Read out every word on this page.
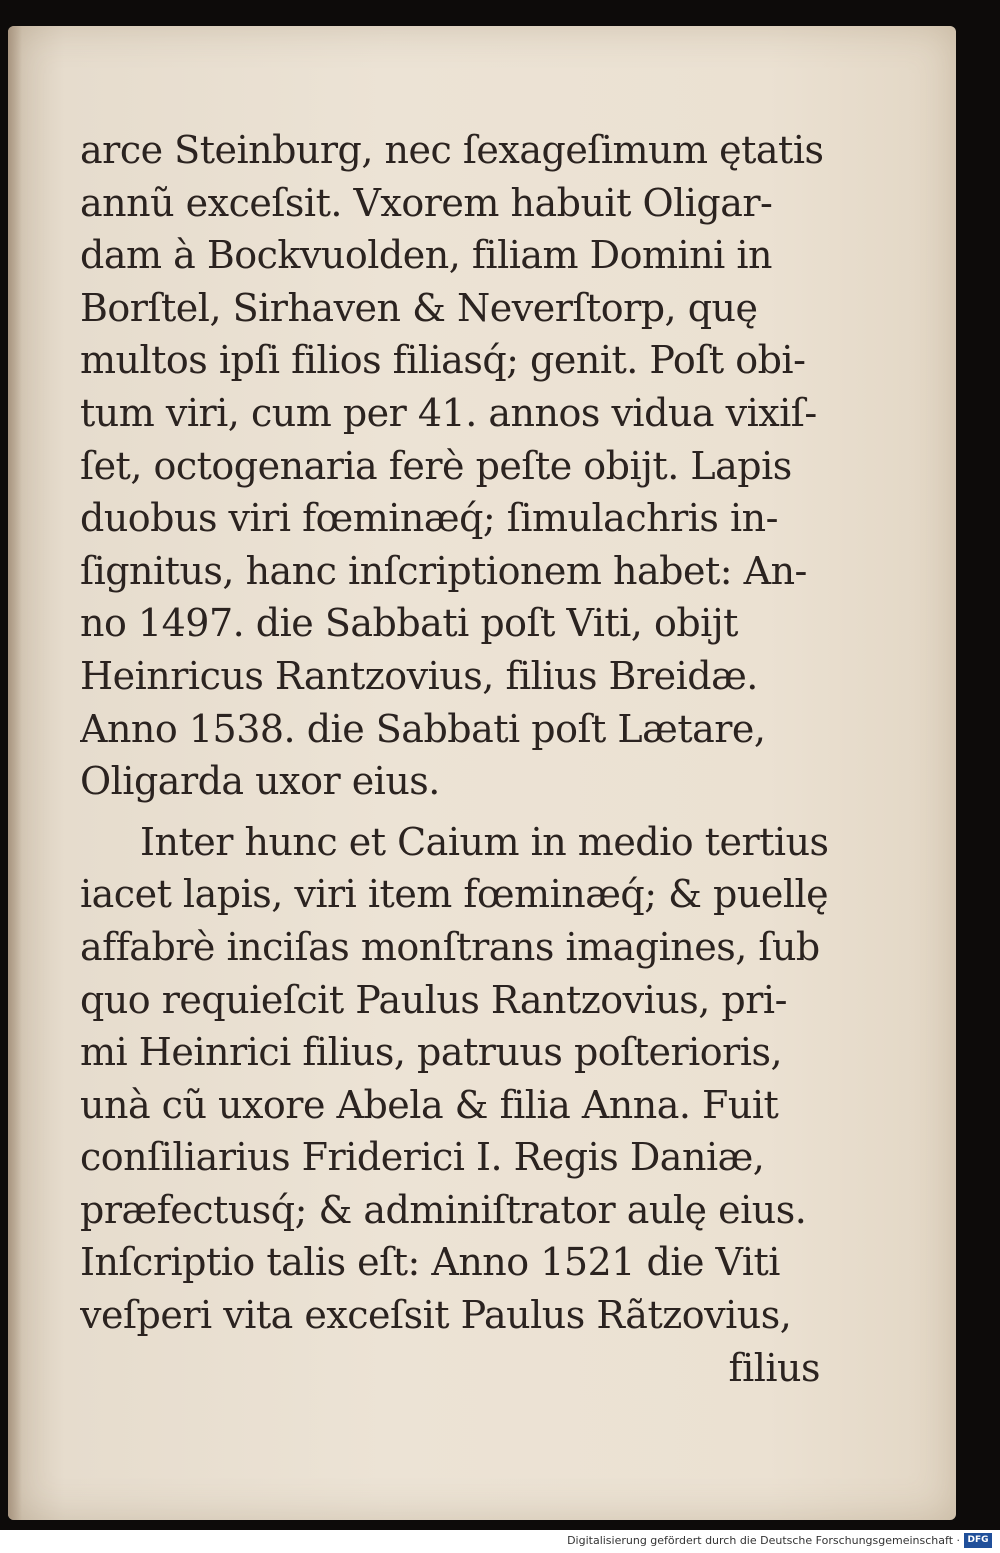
arce Steinburg, nec ſexageſimum ętatis
annũ exceſsit. Vxorem habuit Oligar-
dam à Bockvuolden, filiam Domini in
Borſtel, Sirhaven & Neverſtorp, quę
multos ipſi filios filiasq́; genit. Poſt obi-
tum viri, cum per 41. annos vidua vixiſ-
ſet, octogenaria ferè peſte obijt. Lapis
duobus viri fœminæq́; ſimulachris in-
ſignitus, hanc inſcriptionem habet: An-
no 1497. die Sabbati poſt Viti, obijt
Heinricus Rantzovius, filius Breidæ.
Anno 1538. die Sabbati poſt Lætare,
Oligarda uxor eius.
Inter hunc et Caium in medio tertius
iacet lapis, viri item fœminæq́; & puellę
affabrè inciſas monſtrans imagines, ſub
quo requieſcit Paulus Rantzovius, pri-
mi Heinrici filius, patruus poſterioris,
unà cũ uxore Abela & filia Anna. Fuit
conſiliarius Friderici I. Regis Daniæ,
præfectusq́; & adminiſtrator aulę eius.
Inſcriptio talis eſt: Anno 1521 die Viti
veſperi vita exceſsit Paulus Rãtzovius,
filius
Digitalisierung gefördert durch die Deutsche Forschungsgemeinschaft · DFG
